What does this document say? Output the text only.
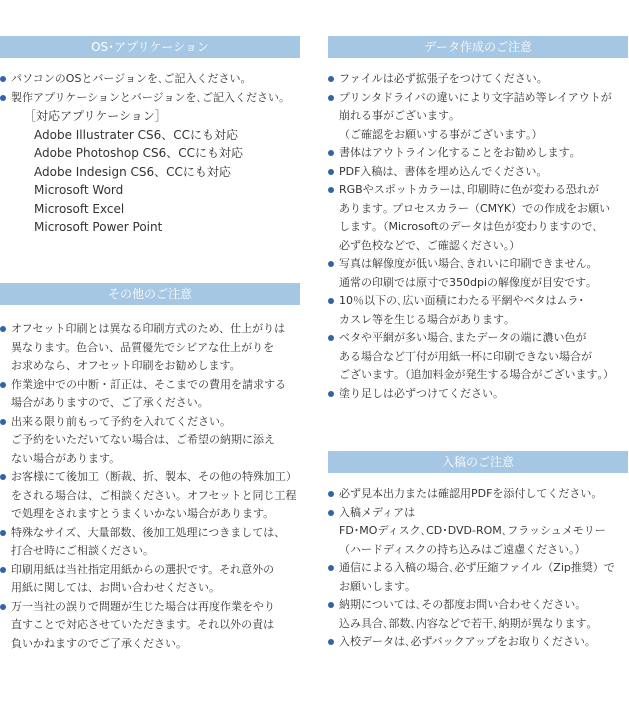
OS･アプリケーション
パソコンのOSとバージョンを､ご記入ください｡
製作アプリケーションとバージョンを､ご記入ください｡
［対応アプリケーション］
Adobe Illustrater CS6、CCにも対応
Adobe Photoshop CS6、CCにも対応
Adobe Indesign CS6、CCにも対応
Microsoft Word
Microsoft Excel
Microsoft Power Point
その他のご注意
オフセット印刷とは異なる印刷方式のため、仕上がりは
異なります。色合い、品質優先でシビアな仕上がりを
お求めなら、オフセット印刷をお勧めします。
作業途中での中断・訂正は、そこまでの費用を請求する
場合がありますので、ご了承ください。
出来る限り前もって予約を入れてください。
ご予約をいただいてない場合は、ご希望の納期に添え
ない場合があります。
お客様にて後加工（断裁、折、製本、その他の特殊加工）
をされる場合は、ご相談ください。オフセットと同じ工程
で処理をされますとうまくいかない場合があります。
特殊なサイズ、大量部数、後加工処理につきましては、
打合せ時にご相談ください。
印刷用紙は当社指定用紙からの選択です。それ意外の
用紙に関しては、お問い合わせください。
万一当社の誤りで問題が生じた場合は再度作業をやり
直すことで対応させていただきます。それ以外の責は
負いかねますのでご了承ください。
データ作成のご注意
ファイルは必ず拡張子をつけてください｡
プリンタドライバの違いにより文字詰め等レイアウトが
崩れる事がございます｡
（ご確認をお願いする事がございます｡）
書体はアウトライン化することをお勧めします｡
PDF入稿は、書体を埋め込んでください。
RGBやスポットカラーは､印刷時に色が変わる恐れが
あります｡ プロセスカラー（CMYK）での作成をお願い
します｡（Microsoftのデータは色が変わりますので､
必ず色校などで、ご確認ください｡）
写真は解像度が低い場合､きれいに印刷できません｡
通常の印刷では原寸で350dpiの解像度が目安です｡
10％以下の､広い面積にわたる平網やベタはムラ･
カスレ等を生じる場合があります｡
ベタや平網が多い場合､またデータの端に濃い色が
ある場合など丁付が用紙一杯に印刷できない場合が
ございます｡（追加料金が発生する場合がございます｡）
塗り足しは必ずつけてください｡
入稿のご注意
必ず見本出力または確認用PDFを添付してください。
入稿メディアは
FD･MOディスク､CD･DVD-ROM､フラッシュメモリー
（ハードディスクの持ち込みはご遠慮ください｡）
通信による入稿の場合､必ず圧縮ファイル（Zip推奨）で
お願いします｡
納期については､その都度お問い合わせください｡
込み具合､部数､内容などで若干､納期が異なります｡
入校データは､必ずバックアップをお取りください｡
